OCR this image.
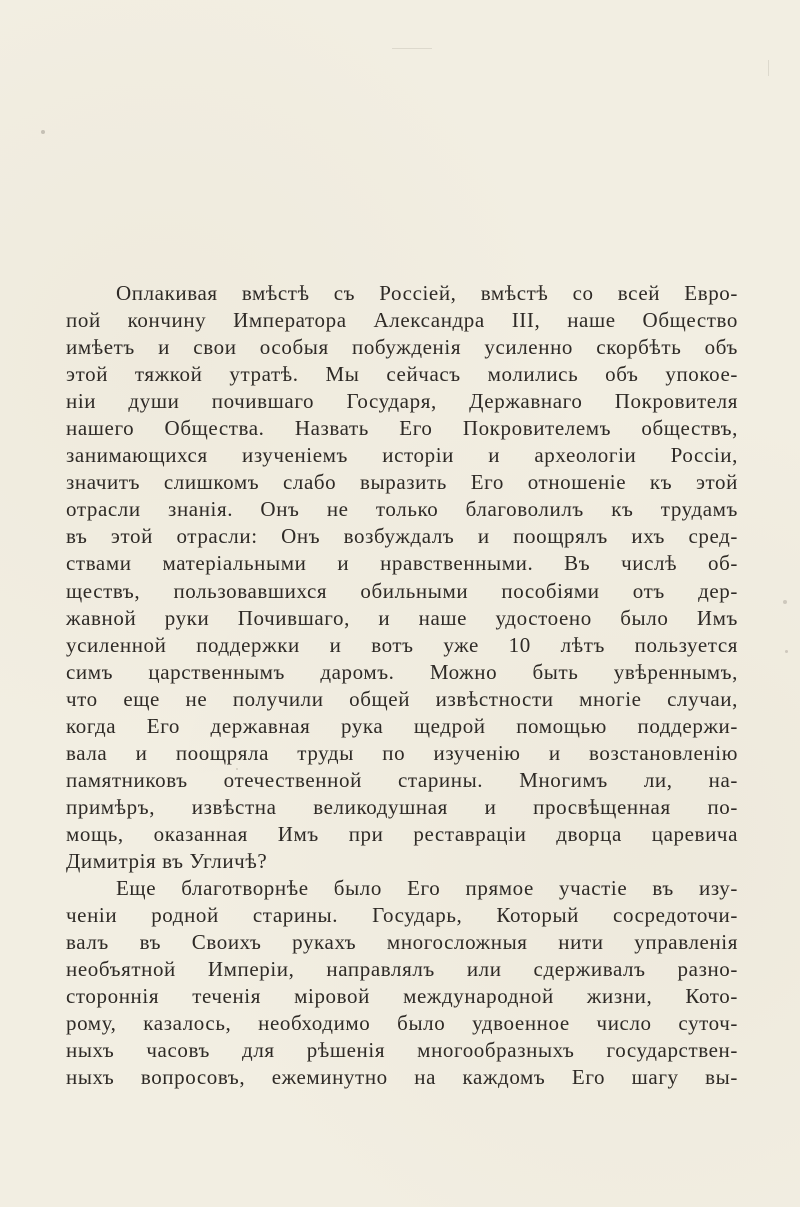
Оплакивая вмѣстѣ съ Россіей, вмѣстѣ со всей Евро-
пой кончину Императора Александра III, наше Общество
имѣетъ и свои особыя побужденія усиленно скорбѣть объ
этой тяжкой утратѣ. Мы сейчасъ молились объ упокое-
ніи души почившаго Государя, Державнаго Покровителя
нашего Общества. Назвать Его Покровителемъ обществъ,
занимающихся изученіемъ исторіи и археологіи Россіи,
значитъ слишкомъ слабо выразить Его отношеніе къ этой
отрасли знанія. Онъ не только благоволилъ къ трудамъ
въ этой отрасли: Онъ возбуждалъ и поощрялъ ихъ сред-
ствами матеріальными и нравственными. Въ числѣ об-
ществъ, пользовавшихся обильными пособіями отъ дер-
жавной руки Почившаго, и наше удостоено было Имъ
усиленной поддержки и вотъ уже 10 лѣтъ пользуется
симъ царственнымъ даромъ. Можно быть увѣреннымъ,
что еще не получили общей извѣстности многіе случаи,
когда Его державная рука щедрой помощью поддержи-
вала и поощряла труды по изученію и возстановленію
памятниковъ отечественной старины. Многимъ ли, на-
примѣръ, извѣстна великодушная и просвѣщенная по-
мощь, оказанная Имъ при реставраціи дворца царевича
Димитрія въ Угличѣ?
Еще благотворнѣе было Его прямое участіе въ изу-
ченіи родной старины. Государь, Который сосредоточи-
валъ въ Своихъ рукахъ многосложныя нити управленія
необъятной Имперіи, направлялъ или сдерживалъ разно-
стороннія теченія міровой международной жизни, Кото-
рому, казалось, необходимо было удвоенное число суточ-
ныхъ часовъ для рѣшенія многообразныхъ государствен-
ныхъ вопросовъ, ежеминутно на каждомъ Его шагу вы-
